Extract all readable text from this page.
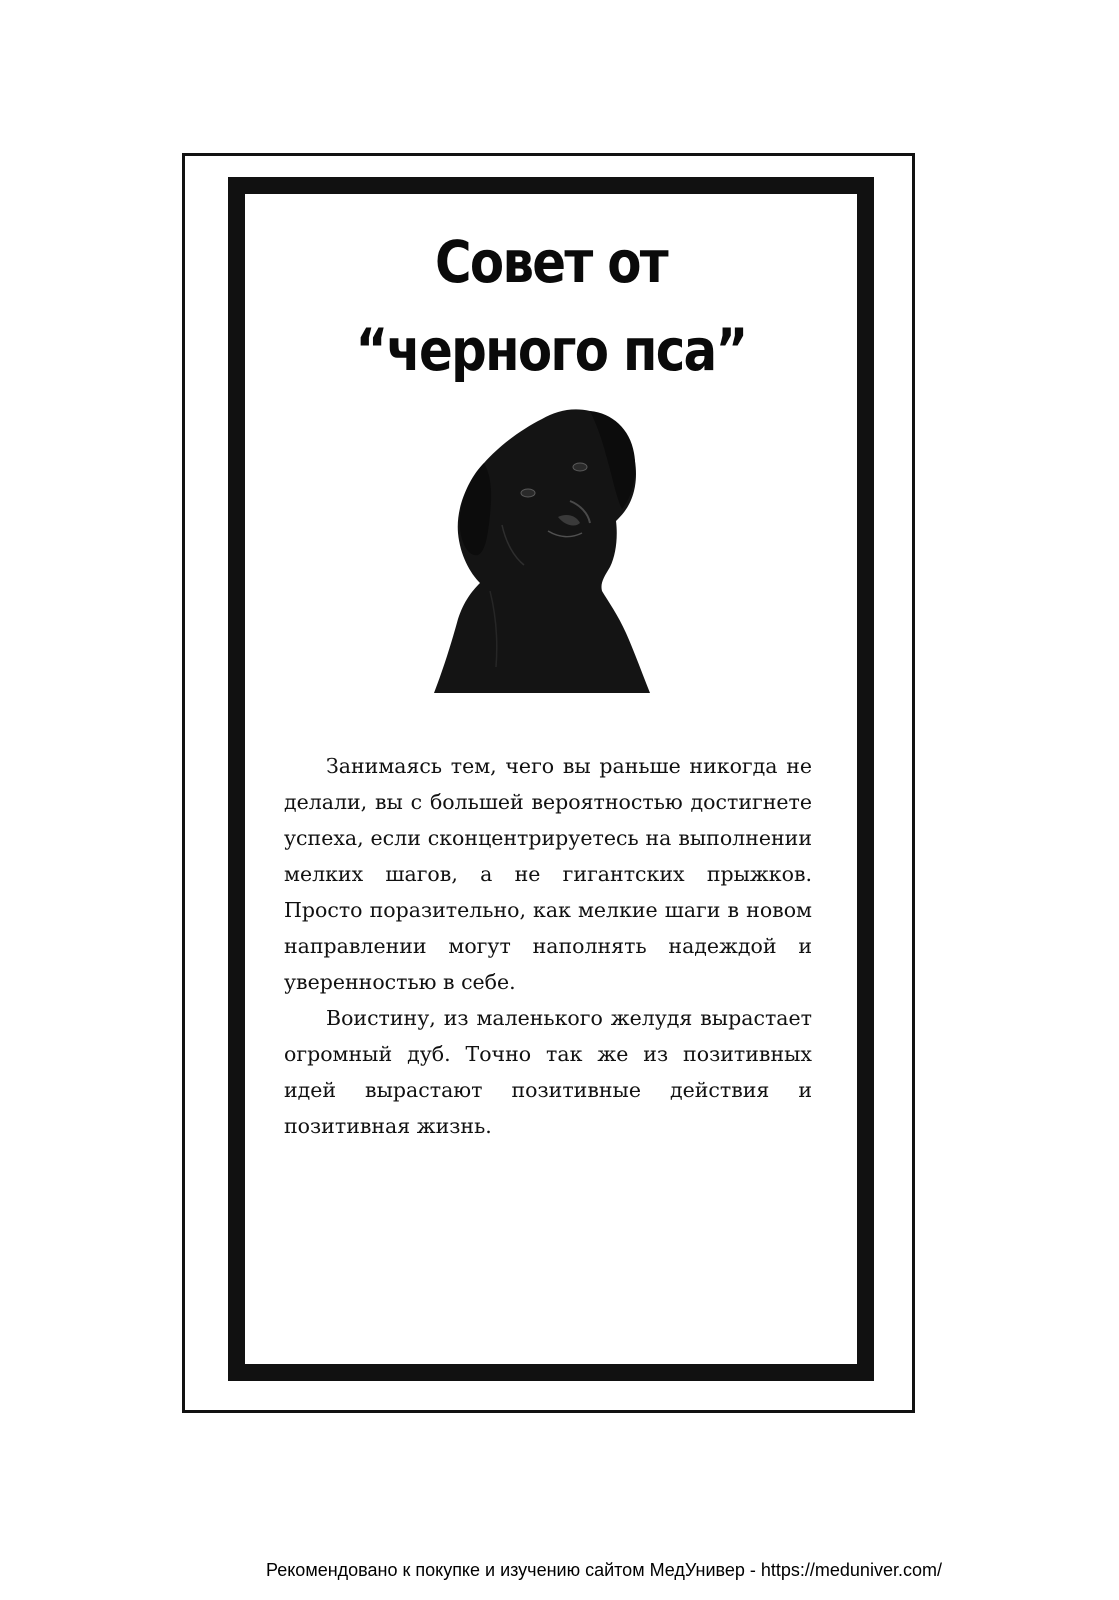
Совет от
“черного пса”

Занимаясь тем, чего вы раньше никогда не делали, вы с большей вероятностью достигнете успеха, если сконцентрируетесь на выполнении мелких шагов, а не гигантских прыжков. Просто поразительно, как мелкие шаги в новом направлении могут наполнять надеждой и уверенностью в себе.

Воистину, из маленького желудя вырастает огромный дуб. Точно так же из позитивных идей вырастают позитивные действия и позитивная жизнь.

Рекомендовано к покупке и изучению сайтом МедУнивер - https://meduniver.com/
